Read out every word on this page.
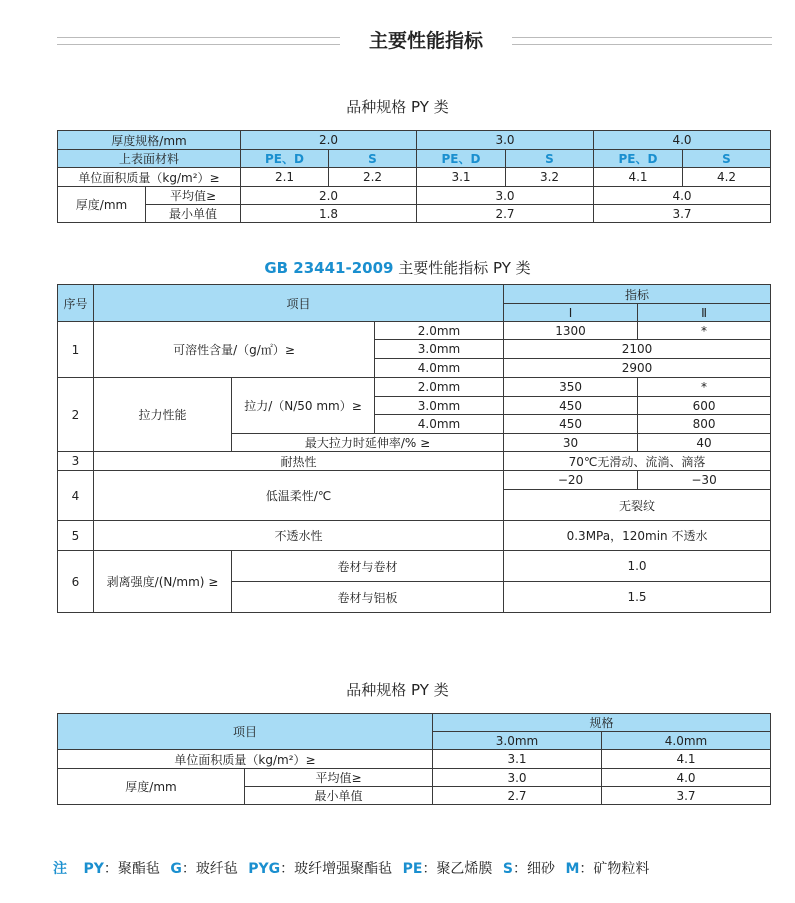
主要性能指标
品种规格 PY 类
厚度规格/mm		2.0		3.0		4.0	
上表面材料		PE、D	S	PE、D	S	PE、D	S
单位面积质量（kg/m²）≥		2.1	2.2	3.1	3.2	4.1	4.2
厚度/mm	平均值≥	2.0		3.0		4.0	
	最小单值	1.8		2.7		3.7	
GB 23441-2009 主要性能指标 PY 类
序号	项目			指标	
				Ⅰ	Ⅱ
1	可溶性含量/（g/㎡）≥		2.0mm	1300	*
			3.0mm	2100	
			4.0mm	2900	
2	拉力性能	拉力/（N/50 mm）≥	2.0mm	350	*
			3.0mm	450	600
			4.0mm	450	800
		最大拉力时延伸率/% ≥		30	40
3	耐热性			70℃无滑动、流淌、滴落	
4	低温柔性/℃			−20	−30
				无裂纹	
5	不透水性			0.3MPa，120min 不透水	
6	剥离强度/(N/mm) ≥	卷材与卷材		1.0	
		卷材与铝板		1.5	
品种规格 PY 类
项目		规格	
		3.0mm	4.0mm
单位面积质量（kg/m²）≥		3.1	4.1
厚度/mm	平均值≥	3.0	4.0
	最小单值	2.7	3.7
注 PY：聚酯毡 G：玻纤毡 PYG：玻纤增强聚酯毡 PE：聚乙烯膜 S：细砂 M：矿物粒料
